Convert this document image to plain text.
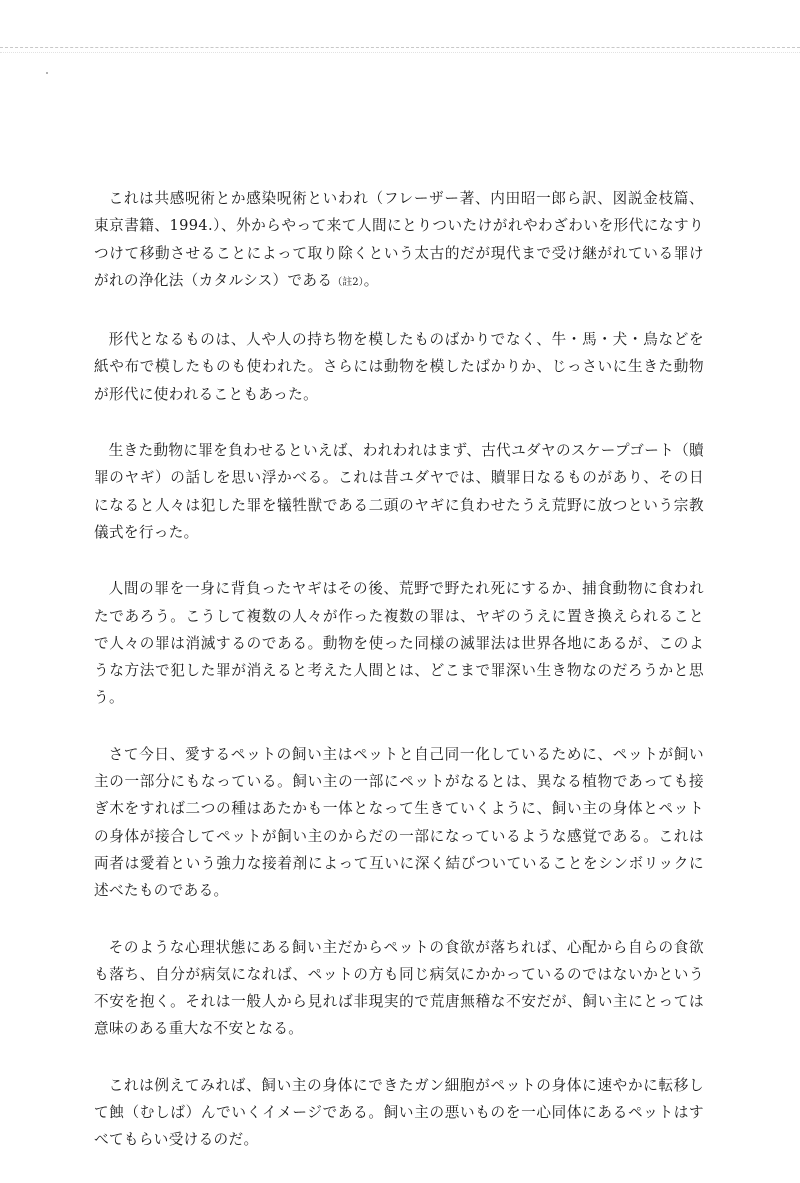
これは共感呪術とか感染呪術といわれ（フレーザー著、内田昭一郎ら訳、図説金枝篇、東京書籍、1994.）、外からやって来て人間にとりついたけがれやわざわいを形代になすりつけて移動させることによって取り除くという太古的だが現代まで受け継がれている罪けがれの浄化法（カタルシス）である（註2）。

形代となるものは、人や人の持ち物を模したものばかりでなく、牛・馬・犬・鳥などを紙や布で模したものも使われた。さらには動物を模したばかりか、じっさいに生きた動物が形代に使われることもあった。

生きた動物に罪を負わせるといえば、われわれはまず、古代ユダヤのスケープゴート（贖罪のヤギ）の話しを思い浮かべる。これは昔ユダヤでは、贖罪日なるものがあり、その日になると人々は犯した罪を犠牲獣である二頭のヤギに負わせたうえ荒野に放つという宗教儀式を行った。

人間の罪を一身に背負ったヤギはその後、荒野で野たれ死にするか、捕食動物に食われたであろう。こうして複数の人々が作った複数の罪は、ヤギのうえに置き換えられることで人々の罪は消滅するのである。動物を使った同様の滅罪法は世界各地にあるが、このような方法で犯した罪が消えると考えた人間とは、どこまで罪深い生き物なのだろうかと思う。

さて今日、愛するペットの飼い主はペットと自己同一化しているために、ペットが飼い主の一部分にもなっている。飼い主の一部にペットがなるとは、異なる植物であっても接ぎ木をすれば二つの種はあたかも一体となって生きていくように、飼い主の身体とペットの身体が接合してペットが飼い主のからだの一部になっているような感覚である。これは両者は愛着という強力な接着剤によって互いに深く結びついていることをシンボリックに述べたものである。

そのような心理状態にある飼い主だからペットの食欲が落ちれば、心配から自らの食欲も落ち、自分が病気になれば、ペットの方も同じ病気にかかっているのではないかという不安を抱く。それは一般人から見れば非現実的で荒唐無稽な不安だが、飼い主にとっては意味のある重大な不安となる。

これは例えてみれば、飼い主の身体にできたガン細胞がペットの身体に速やかに転移して蝕（むしば）んでいくイメージである。飼い主の悪いものを一心同体にあるペットはすべてもらい受けるのだ。
